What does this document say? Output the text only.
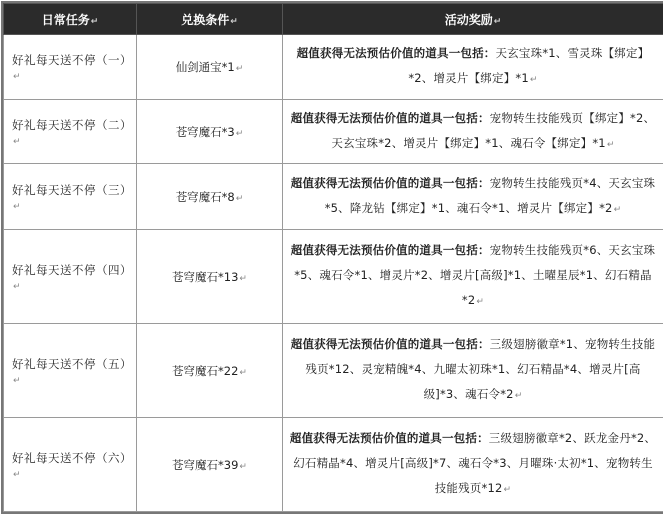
日常任务↵	兑换条件↵	活动奖励↵
好礼每天送不停（一）↵	仙剑通宝*1↵	超值获得无法预估价值的道具一包括：天玄宝珠*1、雪灵珠【绑定】*2、增灵片【绑定】*1↵
好礼每天送不停（二）↵	苍穹魔石*3↵	超值获得无法预估价值的道具一包括：宠物转生技能残页【绑定】*2、天玄宝珠*2、增灵片【绑定】*1、魂石令【绑定】*1↵
好礼每天送不停（三）↵	苍穹魔石*8↵	超值获得无法预估价值的道具一包括：宠物转生技能残页*4、天玄宝珠*5、降龙钻【绑定】*1、魂石令*1、增灵片【绑定】*2↵
好礼每天送不停（四）↵	苍穹魔石*13↵	超值获得无法预估价值的道具一包括：宠物转生技能残页*6、天玄宝珠*5、魂石令*1、增灵片*2、增灵片[高级]*1、土曜星辰*1、幻石精晶*2↵
好礼每天送不停（五）↵	苍穹魔石*22↵	超值获得无法预估价值的道具一包括：三级翅膀徽章*1、宠物转生技能残页*12、灵宠精魄*4、九曜太初珠*1、幻石精晶*4、增灵片[高级]*3、魂石令*2↵
好礼每天送不停（六）↵	苍穹魔石*39↵	超值获得无法预估价值的道具一包括：三级翅膀徽章*2、跃龙金丹*2、幻石精晶*4、增灵片[高级]*7、魂石令*3、月曜珠·太初*1、宠物转生技能残页*12↵
